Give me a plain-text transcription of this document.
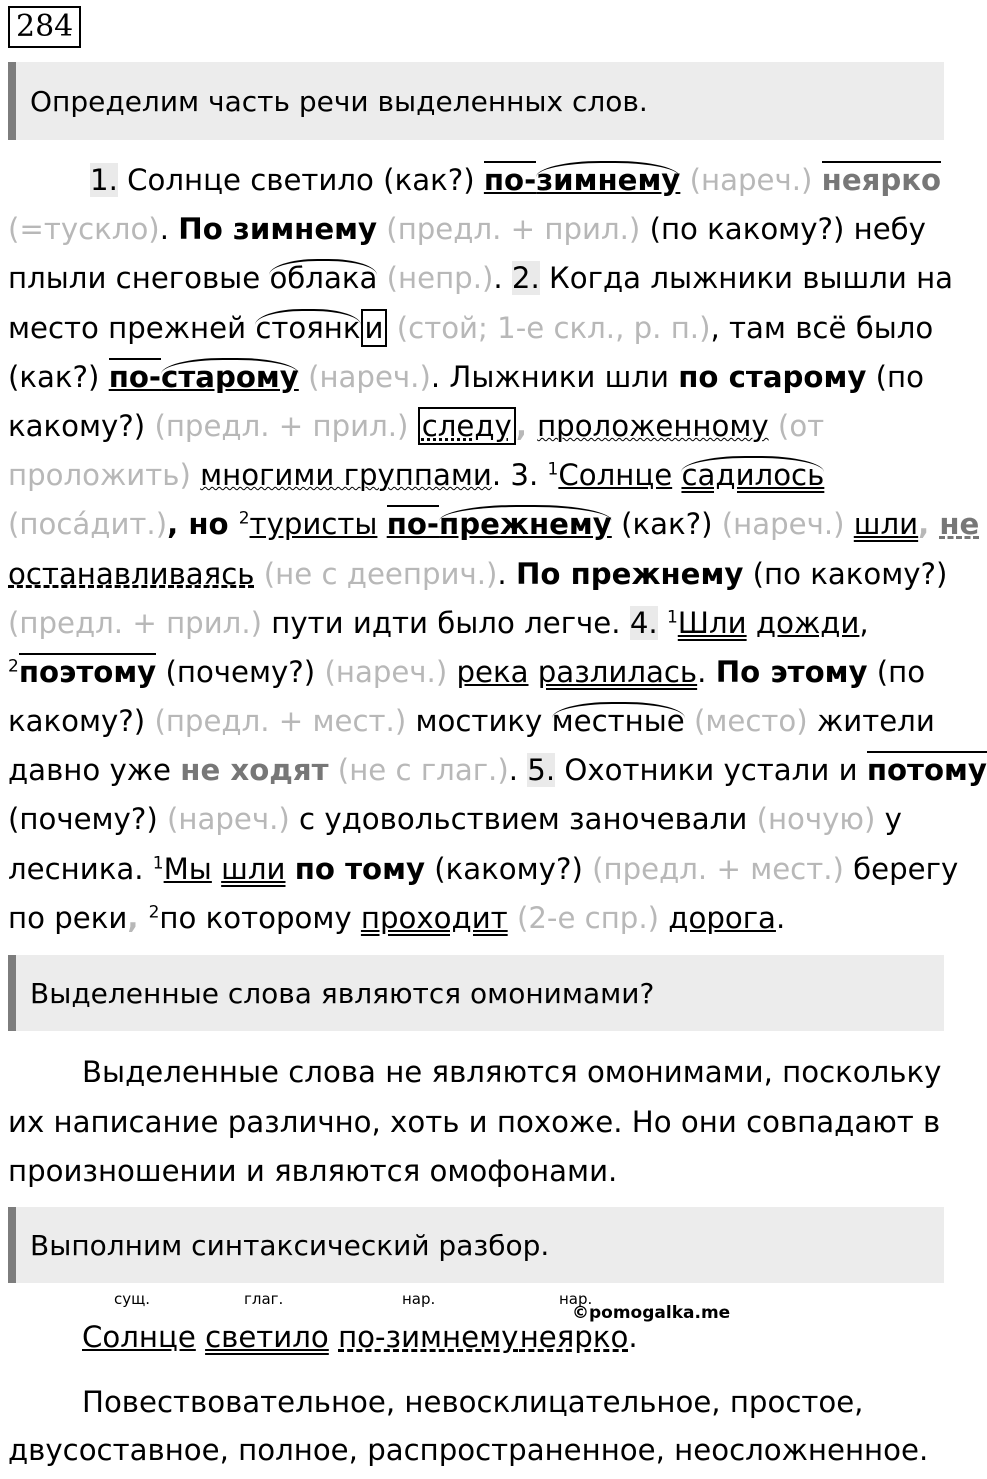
284
Определим часть речи выделенных слов.
1. Солнце светило (как?) по-зимнему (нареч.) неярко
(=тускло). По зимнему (предл. + прил.) (по какому?) небу
плыли снеговые облака (непр.). 2. Когда лыжники вышли на
место прежней стоянк и (стой; 1-е скл., р. п.), там всё было
(как?) по-старому (нареч.). Лыжники шли по старому (по
какому?) (предл. + прил.) следу , проложенному (от
проложить) многими группами. 3. $^1$Солнце садилось
(посáдит.), но $^2$туристы по-прежнему (как?) (нареч.) шли, не
останавливаясь (не с дееприч.). По прежнему (по какому?)
(предл. + прил.) пути идти было легче. 4. $^1$Шли дожди,
$^2$поэтому (почему?) (нареч.) река разлилась. По этому (по
какому?) (предл. + мест.) мостику местные (место) жители
давно уже не ходят (не с глаг.). 5. Охотники устали и потому
(почему?) (нареч.) с удовольствием заночевали (ночую) у
лесника. $^1$Мы шли по тому (какому?) (предл. + мест.) берегу
по реки, $^2$по которому проходит (2-е спр.) дорога.
Выделенные слова являются омонимами?
Выделенные слова не являются омонимами, поскольку
их написание различно, хоть и похоже. Но они совпадают в
произношении и являются омофонами.
Выполним синтаксический разбор.
сущ.	глаг.	нар.	нар.
©pomogalka.me
Солнце светило по-зимнему неярко.
Повествовательное, невосклицательное, простое,
двусоставное, полное, распространенное, неосложненное.
